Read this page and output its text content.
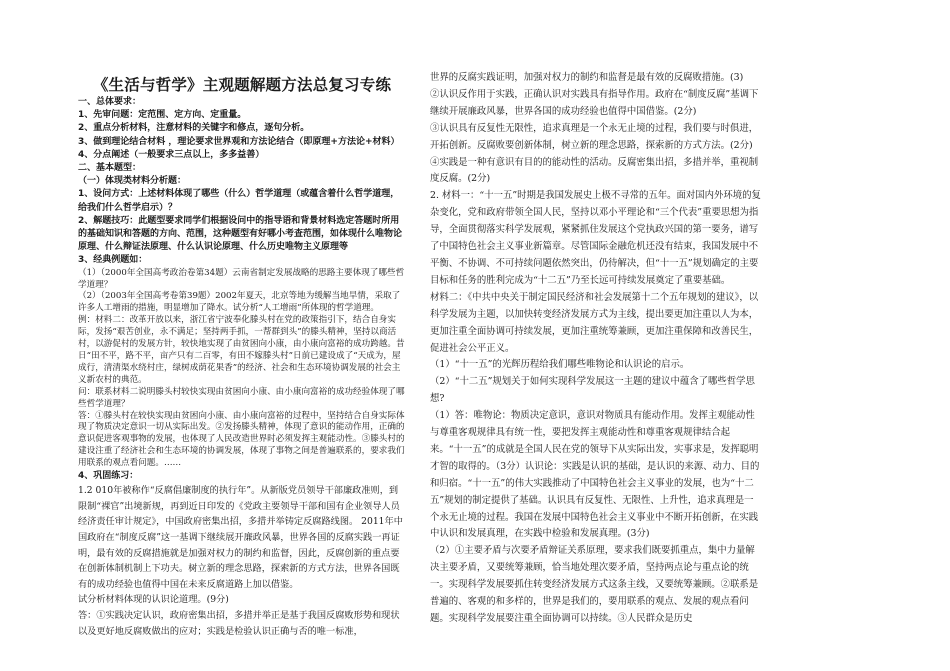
《生活与哲学》主观题解题方法总复习专练

一、总体要求：

1、先审问题：定范围、定方向、定重量。

2、重点分析材料，注意材料的关键字和修点，逐句分析。

3、做到理论结合材料 ，理论要求世界观和方法论结合（即原理+方法论+材料）

4、分点阐述（一般要求三点以上，多多益善）

二、基本题型：

（一）体现类材料分析题：

1、设问方式：上述材料体现了哪些（什么）哲学道理（或蕴含着什么哲学道理，给我们什么哲学启示）？

2、解题技巧：此题型要求同学们根据设问中的指导语和背景材料选定答题时所用的基础知识和答题的方向、范围，这种题型有好哪小考查范围，如体现什么唯物论原理、什么辩证法原理、什么认识论原理、什么历史唯物主义原理等

3、经典例题如：

（1）（2000年全国高考政治卷第34题）云南省制定发展战略的思路主要体现了哪些哲学道理？

（2）（2003年全国高考卷第39题）2002年夏天，北京等地为缓解当地旱情，采取了许多人工增雨的措施，明显增加了降水。试分析“人工增雨”所体现的哲学道理。

例：材料二：改革开放以来，浙江省宁波奉化滕头村在党的政策指引下，结合自身实际，发扬“艰苦创业，永不满足；坚持两手抓，一帮群到头”的滕头精神，坚持以商活村，以游促村的发展方针，较快地实现了由贫困向小康，由小康向富裕的成功跨越。昔日“田不平，路不平，亩产只有二百零，有田不嫁滕头村”日前已建设成了“天成为，屋成行，清清渠水绕村庄，绿树成荫花果香”的经济、社会和生态环境协调发展的社会主义新农村的典范。

问：联系材料二说明滕头村较快实现由贫困向小康、由小康向富裕的成功经验体现了哪些哲学道理？

答：①滕头村在较快实现由贫困向小康、由小康向富裕的过程中，坚持结合自身实际体现了物质决定意识一切从实际出发。②发扬滕头精神，体现了意识的能动作用，正确的意识促进客观事物的发展，也体现了人民改造世界时必须发挥主观能动性。③滕头村的建设注重了经济社会和生态环境的协调发展，体现了事物之间是普遍联系的，要求我们用联系的观点看问题。……

4、巩固练习：

1.2 010年被称作“反腐倡廉制度的执行年”。从新版党员领导干部廉政准则，到限制“裸官”出境新规，再到近日印发的《党政主要领导干部和国有企业领导人员经济责任审计规定》，中国政府密集出招，多措并举铸定反腐路线图。 2011年中国政府在“制度反腐”这一基调下继续展开廉政风暴，世界各国的反腐实践一再证明，最有效的反腐措施就是加强对权力的制约和监督，因此，反腐创新的重点要在创新体制机制上下功夫。树立新的理念思路，探索新的方式方法，世界各国既有的成功经验也值得中国在未来反腐道路上加以借鉴。

试分析材料体现的认识论道理。(9分)

答：①实践决定认识，政府密集出招，多措并举正是基于我国反腐败形势和现状以及更好地反腐败做出的应对；实践是检验认识正确与否的唯一标准，

世界的反腐实践证明，加强对权力的制约和监督是最有效的反腐败措施。(3)

②认识反作用于实践，正确认识对实践具有指导作用。政府在“制度反腐”基调下继续开展廉政风暴，世界各国的成功经验也值得中国借鉴。(2分)

③认识具有反复性无限性，追求真理是一个永无止境的过程，我们要与时俱进，开拓创新。反腐败要创新体制，树立新的理念思路，探索新的方式方法。(2分)

④实践是一种有意识有目的的能动性的活动。反腐密集出招，多措并举，重视制度反腐。(2分)

2. 材料一：“十一五”时期是我国发展史上极不寻常的五年。面对国内外环境的复杂变化，党和政府带领全国人民，坚持以邓小平理论和“三个代表”重要思想为指导，全面贯彻落实科学发展观，紧紧抓住发展这个党执政兴国的第一要务，谱写了中国特色社会主义事业新篇章。尽管国际金融危机还没有结束，我国发展中不平衡、不协调、不可持续问题依然突出，仍待解决，但“十一五”规划确定的主要目标和任务的胜利完成为“十二五”乃至长远可持续发展奠定了重要基础。

材料二：《中共中央关于制定国民经济和社会发展第十二个五年规划的建议》，以科学发展为主题，以加快转变经济发展方式为主线，提出要更加注重以人为本，更加注重全面协调可持续发展，更加注重统筹兼顾，更加注重保障和改善民生，促进社会公平正义。

（1）“十一五”的光辉历程给我们哪些唯物论和认识论的启示。

（2）“十二五”规划关于如何实现科学发展这一主题的建议中蕴含了哪些哲学思想?

（1）答：唯物论：物质决定意识，意识对物质具有能动作用。发挥主观能动性与尊重客观规律具有统一性，要把发挥主观能动性和尊重客观规律结合起来。“十一五”的成就是全国人民在党的领导下从实际出发，实事求是，发挥聪明才智的取得的。（3分）认识论：实践是认识的基础，是认识的来源、动力、目的和归宿。“十一五”的伟大实践推动了中国特色社会主义事业的发展，也为“十二五”规划的制定提供了基础。认识具有反复性、无限性、上升性，追求真理是一个永无止境的过程。我国在发展中国特色社会主义事业中不断开拓创新，在实践中认识和发展真理，在实践中检验和发展真理。(3分)

（2）①主要矛盾与次要矛盾辩证关系原理，要求我们既要抓重点，集中力量解决主要矛盾，又要统筹兼顾，恰当地处理次要矛盾，坚持两点论与重点论的统一。实现科学发展要抓住转变经济发展方式这条主线，又要统筹兼顾。②联系是普遍的、客观的和多样的，世界是我们的，要用联系的观点、发展的观点看问题。实现科学发展要注重全面协调可以持续。③人民群众是历史
